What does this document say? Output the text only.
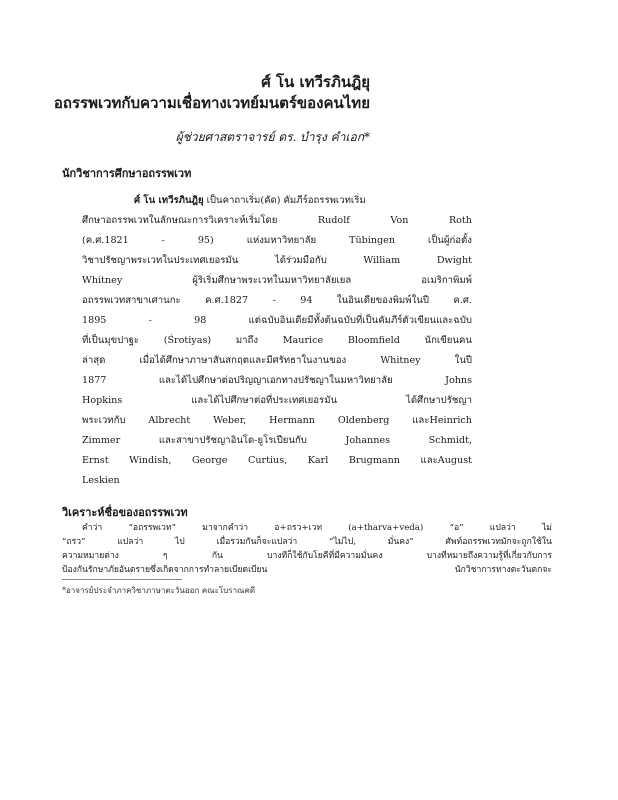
ศ์ โน เทวีรภินฎิยุ
อถรรพเวทกับความเชื่อทางเวทย์มนตร์ของคนไทย
ผู้ช่วยศาสตราจารย์ ดร. บำรุง คำเอก*
นักวิชาการศึกษาอถรรพเวท
ศ์ โน เทวีรภินฎิยุ เป็นคาถาเริ่ม(คัด) คัมภีร์อถรรพเวทเริ่ม
ศึกษาอถรรพเวทในลักษณะการวิเคราะห์เริ่มโดย	Rudolf	Von	Roth
(ค.ศ.1821	-	95)	แห่งมหาวิทยาลัย	Tübingen	เป็นผู้ก่อตั้ง
วิชาปรัชญาพระเวทในประเทศเยอรมัน	ได้ร่วมมือกับ	William	Dwight
Whitney	ผู้ริเริ่มศึกษาพระเวทในมหาวิทยาลัยเยล	อเมริกาพิมพ์
อถรรพเวทสาขาเศานกะ	ค.ศ.1827	-	94	ในอินเดียของพิมพ์ในปี	ค.ศ.
1895	-	98	แต่ฉบับอินเดียมีทั้งต้นฉบับที่เป็นคัมภีร์ตัวเขียนและฉบับ
ที่เป็นมุขปาฐะ	(Śrotiyas)	มาถึง	Maurice	Bloomfield	นักเขียนคน
ล่าสุด	เมื่อได้ศึกษาภาษาสันสกฤตและมีศรัทธาในงานของ	Whitney	ในปี
1877	และได้ไปศึกษาต่อปริญญาเอกทางปรัชญาในมหาวิทยาลัย	Johns
Hopkins	และได้ไปศึกษาต่อที่ประเทศเยอรมัน	ได้ศึกษาปรัชญา
พระเวทกับ Albrecht Weber, Hermann Oldenberg และHeinrich
Zimmer	และสาขาปรัชญาอินโด-ยูโรเปียนกับ	Johannes	Schmidt,
Ernst Windish, George Curtius, Karl Brugmann และAugust
Leskien
วิเคราะห์ชื่อของอถรรพเวท
คำว่า	“อถรรพเวท”	มาจากคำว่า	อ+ถรว+เวท	(a+tharva+veda)	“อ”	แปลว่า	ไม่
“ถรว”	แปลว่า	ไป	เมื่อรวมกันก็จะแปลว่า	“ไม่ไป,	มั่นคง”	ศัพท์อถรรพเวทมักจะถูกใช้ใน
ความหมายต่าง	ๆ	กัน	บางทีก็ใช้กับโยคีที่มีความมั่นคง	บางทีหมายถึงความรู้ที่เกี่ยวกับการ
ป้องกันรักษาภัยอันตรายซึ่งเกิดจากการทำลายเบียดเบียน	นักวิชาการทางตะวันตกจะ
*อาจารย์ประจำภาควิชาภาษาตะวันออก คณะโบราณคดี
